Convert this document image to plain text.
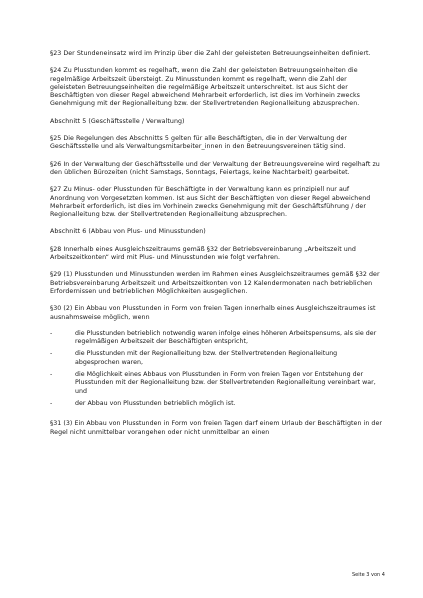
§23 Der Stundeneinsatz wird im Prinzip über die Zahl der geleisteten Betreuungseinheiten definiert.

§24 Zu Plusstunden kommt es regelhaft, wenn die Zahl der geleisteten Betreuungseinheiten die regelmäßige Arbeitszeit übersteigt. Zu Minusstunden kommt es regelhaft, wenn die Zahl der geleisteten Betreuungseinheiten die regelmäßige Arbeitszeit unterschreitet. Ist aus Sicht der Beschäftigten von dieser Regel abweichend Mehrarbeit erforderlich, ist dies im Vorhinein zwecks Genehmigung mit der Regionalleitung bzw. der Stellvertretenden Regionalleitung abzusprechen.

Abschnitt 5 (Geschäftsstelle / Verwaltung)

§25 Die Regelungen des Abschnitts 5 gelten für alle Beschäftigten, die in der Verwaltung der Geschäftsstelle und als Verwaltungsmitarbeiter_innen in den Betreuungsvereinen tätig sind.

§26 In der Verwaltung der Geschäftsstelle und der Verwaltung der Betreuungsvereine wird regelhaft zu den üblichen Bürozeiten (nicht Samstags, Sonntags, Feiertags, keine Nachtarbeit) gearbeitet.

§27 Zu Minus- oder Plusstunden für Beschäftigte in der Verwaltung kann es prinzipiell nur auf Anordnung von Vorgesetzten kommen. Ist aus Sicht der Beschäftigten von dieser Regel abweichend Mehrarbeit erforderlich, ist dies im Vorhinein zwecks Genehmigung mit der Geschäftsführung / der Regionalleitung bzw. der Stellvertretenden Regionalleitung abzusprechen.

Abschnitt 6 (Abbau von Plus- und Minusstunden)

§28 Innerhalb eines Ausgleichszeitraums gemäß §32 der Betriebsvereinbarung „Arbeitszeit und Arbeitszeitkonten“ wird mit Plus- und Minusstunden wie folgt verfahren.

§29 (1) Plusstunden und Minusstunden werden im Rahmen eines Ausgleichszeitraumes gemäß §32 der Betriebsvereinbarung Arbeitszeit und Arbeitszeitkonten von 12 Kalendermonaten nach betrieblichen Erfordernissen und betrieblichen Möglichkeiten ausgeglichen.

§30 (2) Ein Abbau von Plusstunden in Form von freien Tagen innerhalb eines Ausgleichszeitraumes ist ausnahmsweise möglich, wenn

-	die Plusstunden betrieblich notwendig waren infolge eines höheren Arbeitspensums, als sie der regelmäßigen Arbeitszeit der Beschäftigten entspricht,
-	die Plusstunden mit der Regionalleitung bzw. der Stellvertretenden Regionalleitung abgesprochen waren,
-	die Möglichkeit eines Abbaus von Plusstunden in Form von freien Tagen vor Entstehung der Plusstunden mit der Regionalleitung bzw. der Stellvertretenden Regionalleitung vereinbart war, und
-	der Abbau von Plusstunden betrieblich möglich ist.

§31 (3) Ein Abbau von Plusstunden in Form von freien Tagen darf einem Urlaub der Beschäftigten in der Regel nicht unmittelbar vorangehen oder nicht unmittelbar an einen

Seite 3 von 4
